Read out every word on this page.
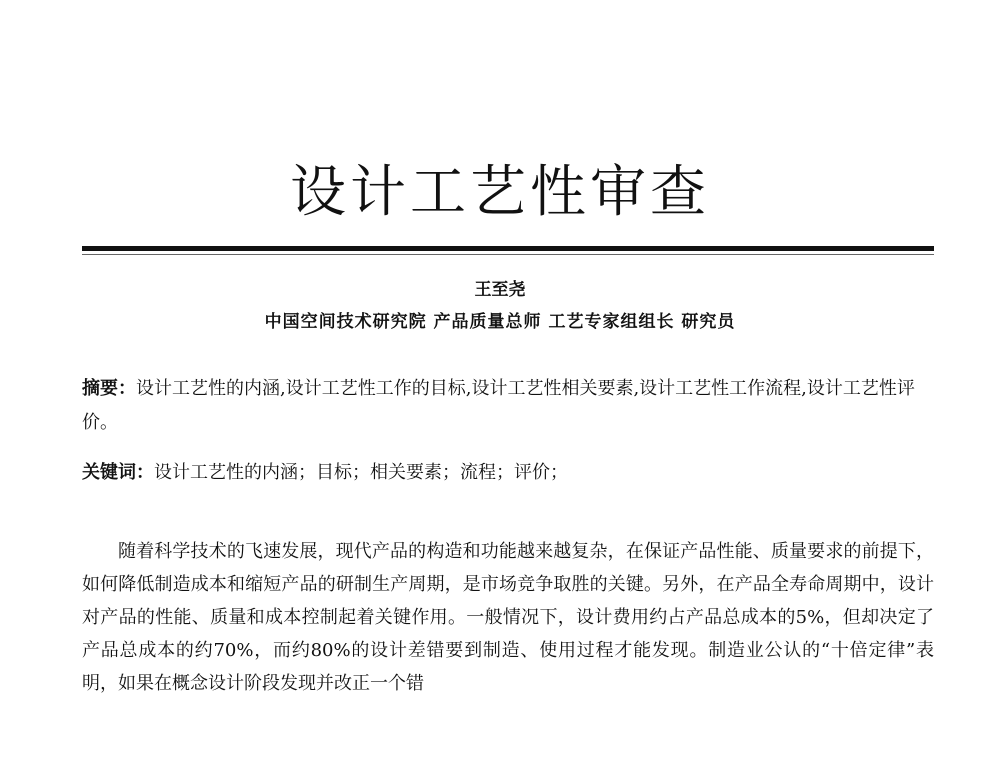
设计工艺性审查
王至尧
中国空间技术研究院 产品质量总师 工艺专家组组长 研究员

摘要：设计工艺性的内涵,设计工艺性工作的目标,设计工艺性相关要素,设计工艺性工作流程,设计工艺性评价。

关键词：设计工艺性的内涵；目标；相关要素；流程；评价；

随着科学技术的飞速发展，现代产品的构造和功能越来越复杂，在保证产品性能、质量要求的前提下，如何降低制造成本和缩短产品的研制生产周期，是市场竞争取胜的关键。另外，在产品全寿命周期中，设计对产品的性能、质量和成本控制起着关键作用。一般情况下，设计费用约占产品总成本的5%，但却决定了产品总成本的约70%，而约80%的设计差错要到制造、使用过程才能发现。制造业公认的“十倍定律”表明，如果在概念设计阶段发现并改正一个错
